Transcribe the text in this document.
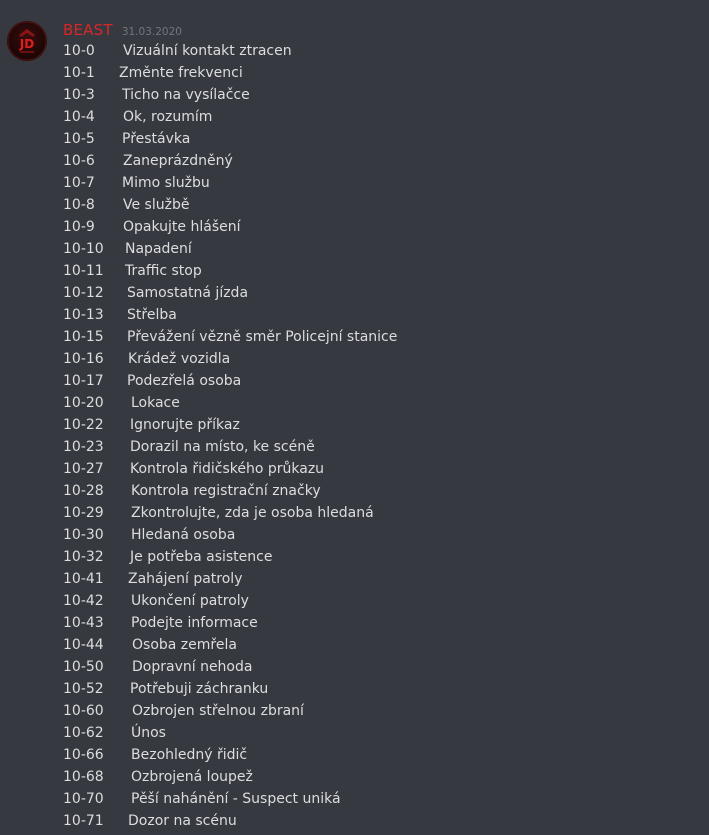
JD
BEAST 31.03.2020
10-0 Vizuální kontakt ztracen
10-1 Změnte frekvenci
10-3 Ticho na vysílačce
10-4 Ok, rozumím
10-5 Přestávka
10-6 Zaneprázdněný
10-7 Mimo službu
10-8 Ve službě
10-9 Opakujte hlášení
10-10 Napadení
10-11 Traffic stop
10-12 Samostatná jízda
10-13 Střelba
10-15 Převážení vězně směr Policejní stanice
10-16 Krádež vozidla
10-17 Podezřelá osoba
10-20 Lokace
10-22 Ignorujte příkaz
10-23 Dorazil na místo, ke scéně
10-27 Kontrola řidičského průkazu
10-28 Kontrola registrační značky
10-29 Zkontrolujte, zda je osoba hledaná
10-30 Hledaná osoba
10-32 Je potřeba asistence
10-41 Zahájení patroly
10-42 Ukončení patroly
10-43 Podejte informace
10-44 Osoba zemřela
10-50 Dopravní nehoda
10-52 Potřebuji záchranku
10-60 Ozbrojen střelnou zbraní
10-62 Únos
10-66 Bezohledný řidič
10-68 Ozbrojená loupež
10-70 Pěší nahánění - Suspect uniká
10-71 Dozor na scénu
